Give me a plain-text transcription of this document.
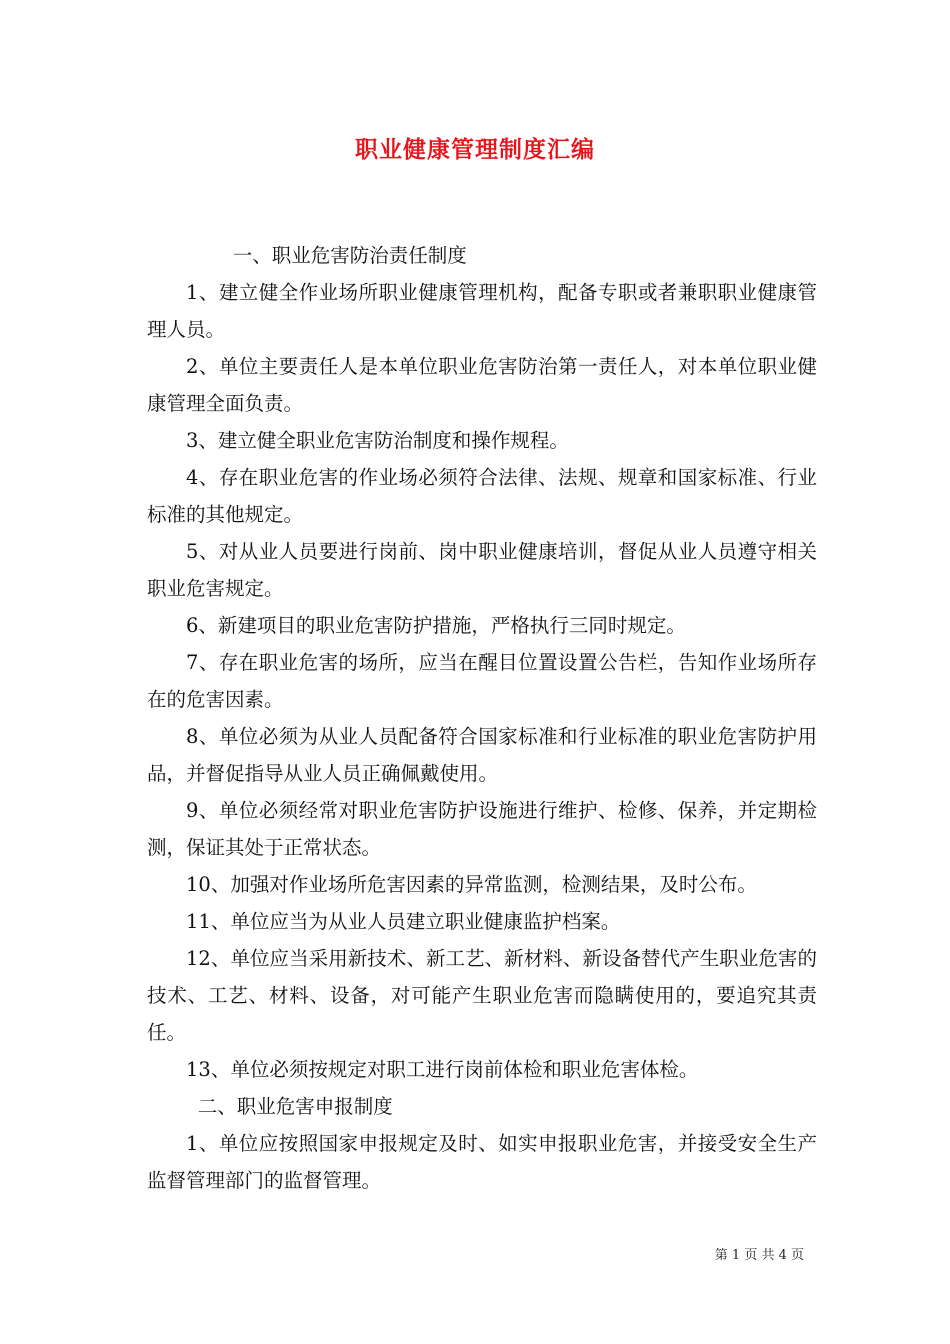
职业健康管理制度汇编

一、职业危害防治责任制度

1、建立健全作业场所职业健康管理机构，配备专职或者兼职职业健康管理人员。

2、单位主要责任人是本单位职业危害防治第一责任人，对本单位职业健康管理全面负责。

3、建立健全职业危害防治制度和操作规程。

4、存在职业危害的作业场必须符合法律、法规、规章和国家标准、行业标准的其他规定。

5、对从业人员要进行岗前、岗中职业健康培训，督促从业人员遵守相关职业危害规定。

6、新建项目的职业危害防护措施，严格执行三同时规定。

7、存在职业危害的场所，应当在醒目位置设置公告栏，告知作业场所存在的危害因素。

8、单位必须为从业人员配备符合国家标准和行业标准的职业危害防护用品，并督促指导从业人员正确佩戴使用。

9、单位必须经常对职业危害防护设施进行维护、检修、保养，并定期检测，保证其处于正常状态。

10、加强对作业场所危害因素的异常监测，检测结果，及时公布。

11、单位应当为从业人员建立职业健康监护档案。

12、单位应当采用新技术、新工艺、新材料、新设备替代产生职业危害的技术、工艺、材料、设备，对可能产生职业危害而隐瞒使用的，要追究其责任。

13、单位必须按规定对职工进行岗前体检和职业危害体检。

二、职业危害申报制度

1、单位应按照国家申报规定及时、如实申报职业危害，并接受安全生产监督管理部门的监督管理。

第 1 页 共 4 页
